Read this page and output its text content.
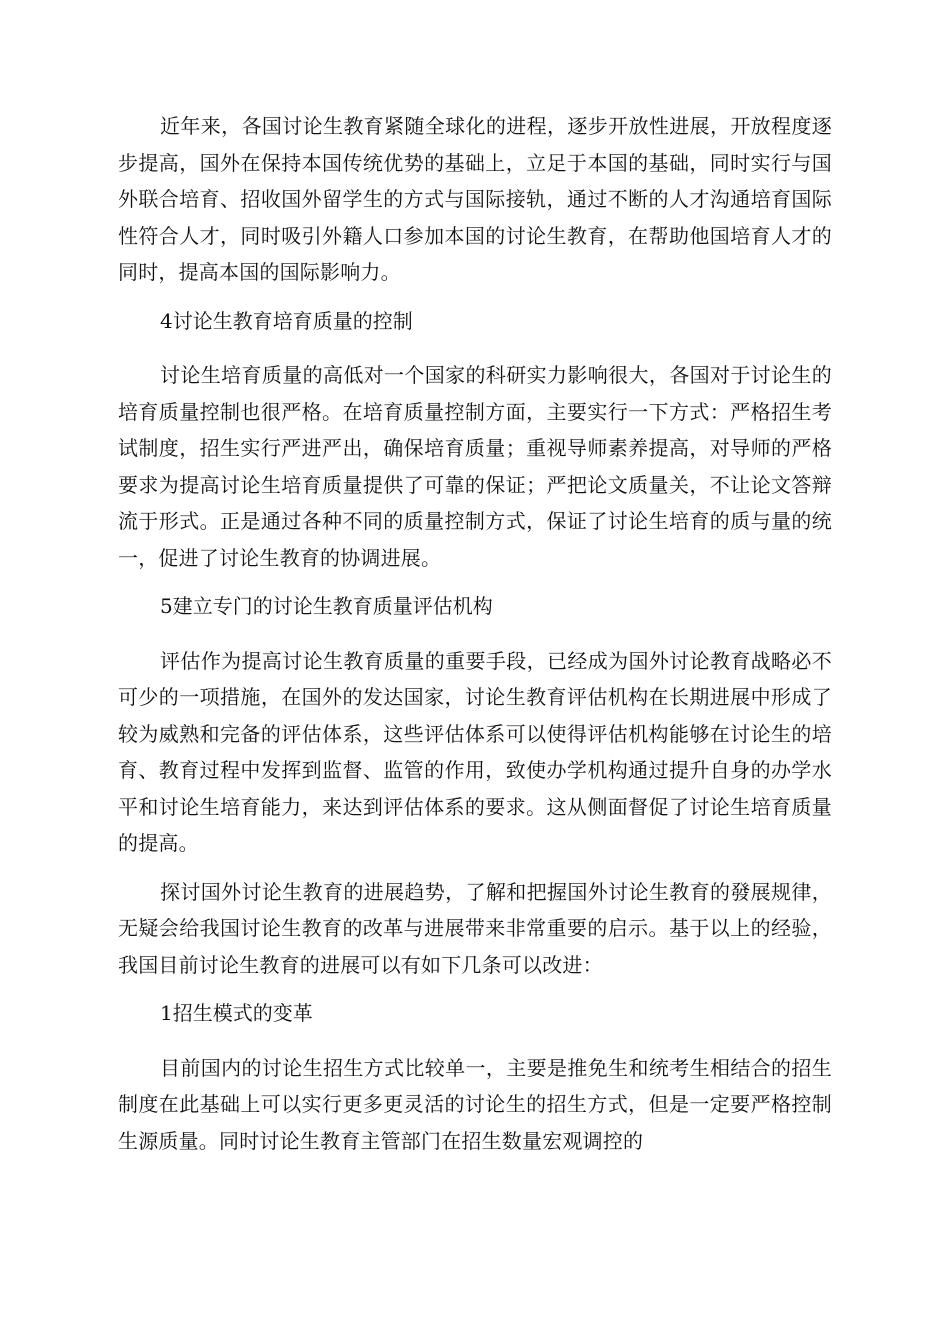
近年来，各国讨论生教育紧随全球化的进程，逐步开放性进展，开放程度逐步提高，国外在保持本国传统优势的基础上，立足于本国的基础，同时实行与国外联合培育、招收国外留学生的方式与国际接轨，通过不断的人才沟通培育国际性符合人才，同时吸引外籍人口参加本国的讨论生教育，在帮助他国培育人才的同时，提高本国的国际影响力。

4讨论生教育培育质量的控制

讨论生培育质量的高低对一个国家的科研实力影响很大，各国对于讨论生的培育质量控制也很严格。在培育质量控制方面，主要实行一下方式：严格招生考试制度，招生实行严进严出，确保培育质量；重视导师素养提高，对导师的严格要求为提高讨论生培育质量提供了可靠的保证；严把论文质量关，不让论文答辩流于形式。正是通过各种不同的质量控制方式，保证了讨论生培育的质与量的统一，促进了讨论生教育的协调进展。

5建立专门的讨论生教育质量评估机构

评估作为提高讨论生教育质量的重要手段，已经成为国外讨论教育战略必不可少的一项措施，在国外的发达国家，讨论生教育评估机构在长期进展中形成了较为威熟和完备的评估体系，这些评估体系可以使得评估机构能够在讨论生的培育、教育过程中发挥到监督、监管的作用，致使办学机构通过提升自身的办学水平和讨论生培育能力，来达到评估体系的要求。这从侧面督促了讨论生培育质量的提高。

探讨国外讨论生教育的进展趋势，了解和把握国外讨论生教育的發展规律，无疑会给我国讨论生教育的改革与进展带来非常重要的启示。基于以上的经验，我国目前讨论生教育的进展可以有如下几条可以改进：

1招生模式的变革

目前国内的讨论生招生方式比较单一，主要是推免生和统考生相结合的招生制度在此基础上可以实行更多更灵活的讨论生的招生方式，但是一定要严格控制生源质量。同时讨论生教育主管部门在招生数量宏观调控的
